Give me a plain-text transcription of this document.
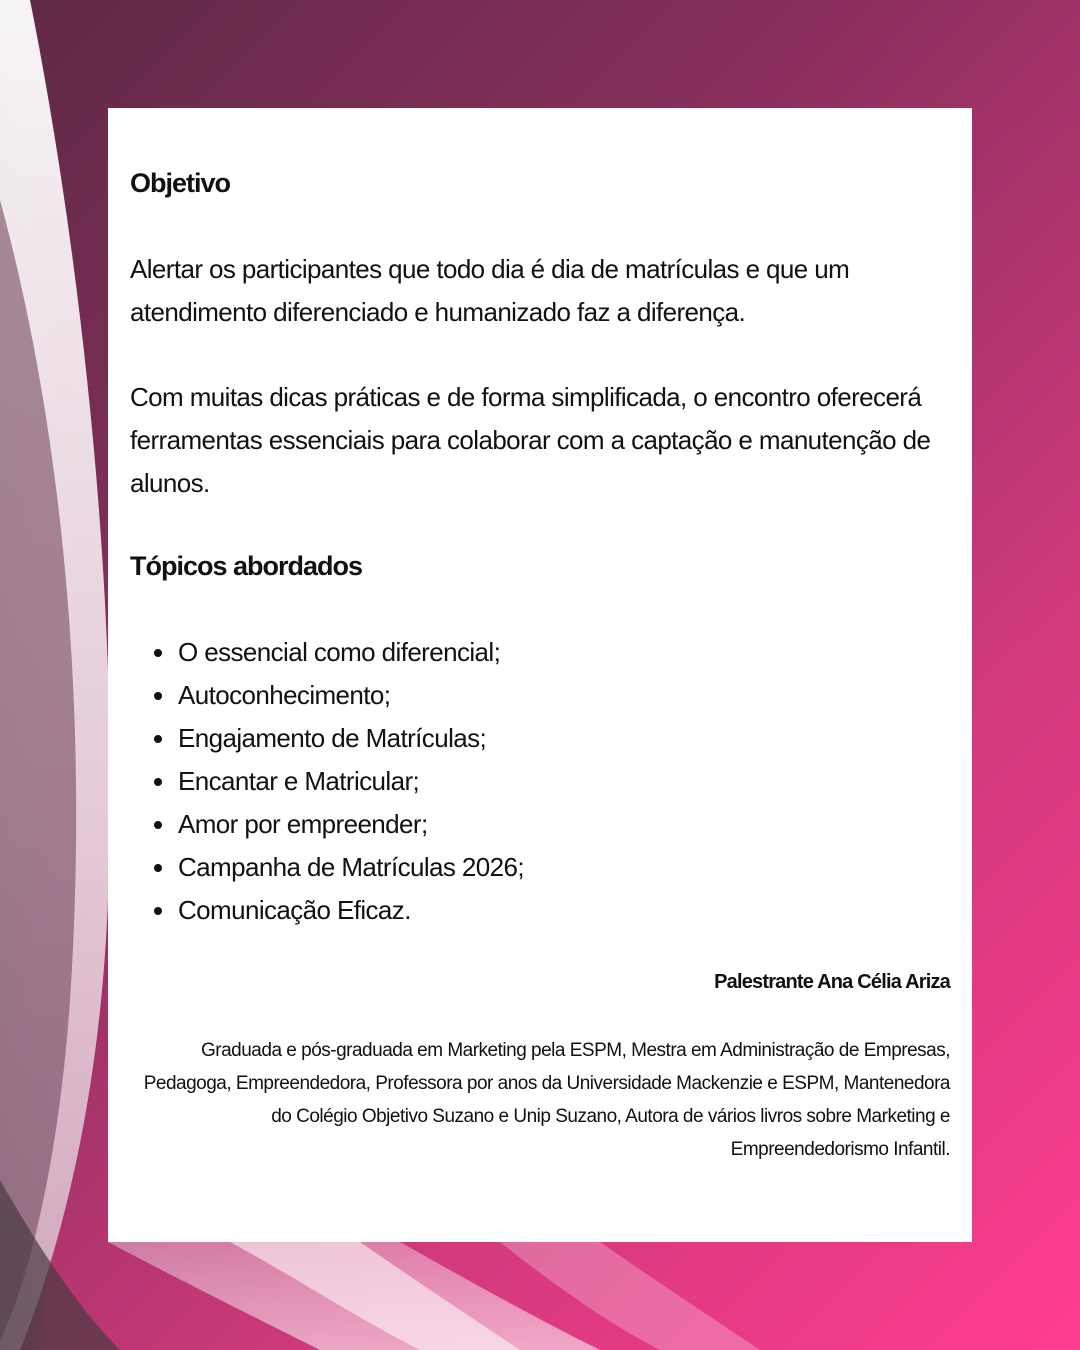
Objetivo

Alertar os participantes que todo dia é dia de matrículas e que um atendimento diferenciado e humanizado faz a diferença.

Com muitas dicas práticas e de forma simplificada, o encontro oferecerá ferramentas essenciais para colaborar com a captação e manutenção de alunos.

Tópicos abordados
O essencial como diferencial;
Autoconhecimento;
Engajamento de Matrículas;
Encantar e Matricular;
Amor por empreender;
Campanha de Matrículas 2026;
Comunicação Eficaz.

Palestrante Ana Célia Ariza

Graduada e pós-graduada em Marketing pela ESPM, Mestra em Administração de Empresas, Pedagoga, Empreendedora, Professora por anos da Universidade Mackenzie e ESPM, Mantenedora do Colégio Objetivo Suzano e Unip Suzano, Autora de vários livros sobre Marketing e Empreendedorismo Infantil.
